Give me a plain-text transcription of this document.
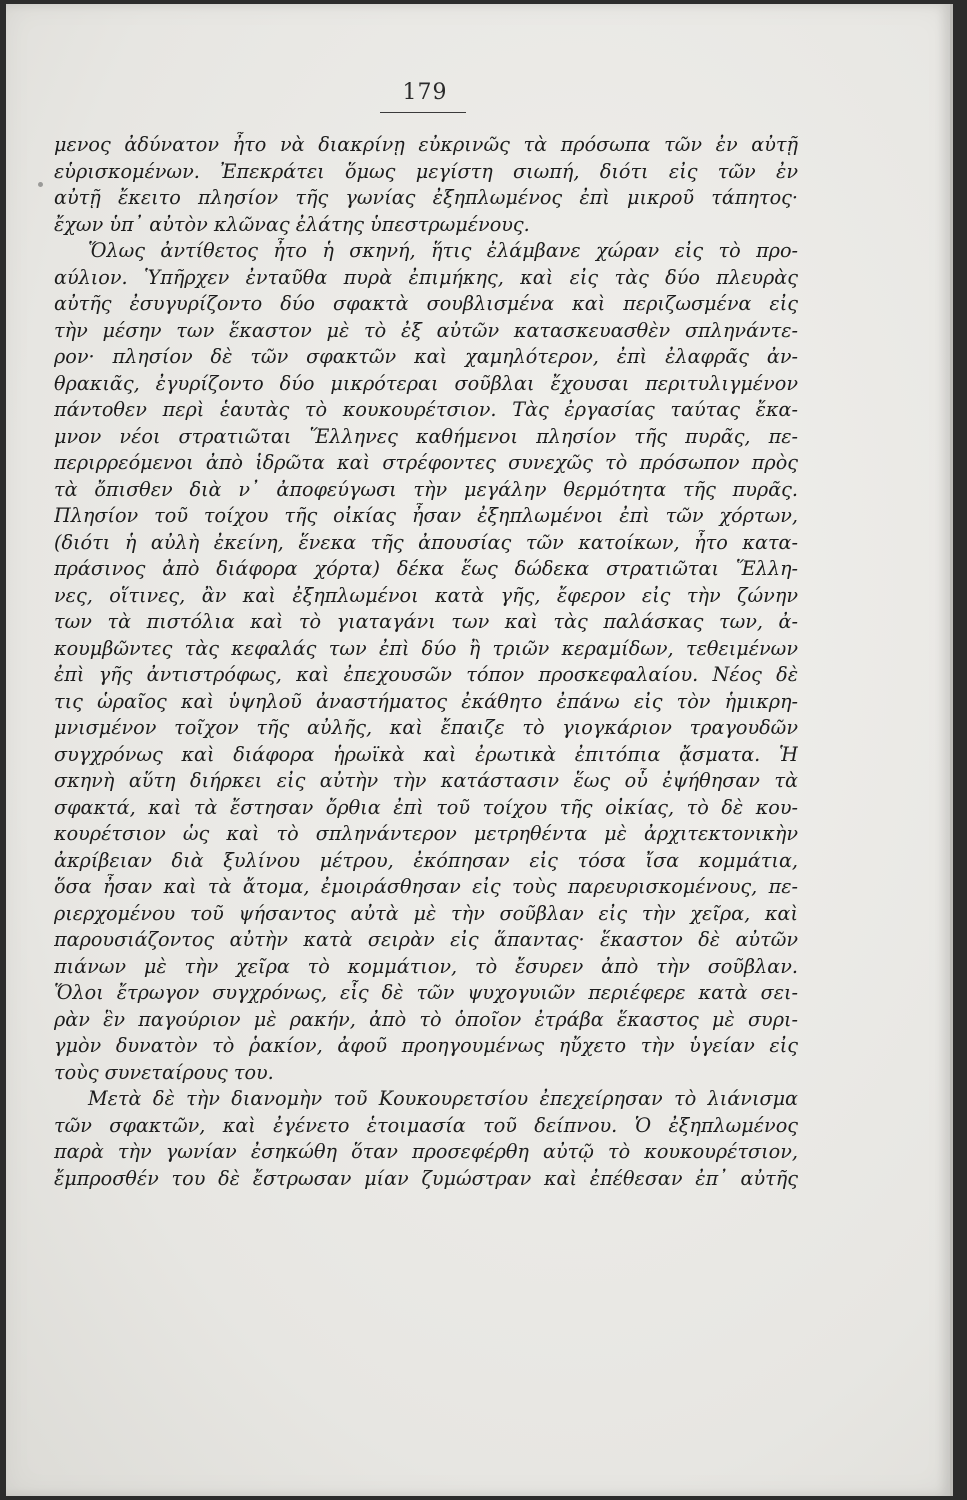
179
μενος ἀδύνατον ἦτο νὰ διακρίνῃ εὐκρινῶς τὰ πρόσωπα τῶν ἐν αὐτῇ
εὑρισκομένων. Ἐπεκράτει ὅμως μεγίστη σιωπή, διότι εἰς τῶν ἐν
αὐτῇ ἔκειτο πλησίον τῆς γωνίας ἐξηπλωμένος ἐπὶ μικροῦ τάπητος·
ἔχων ὑπ᾽ αὐτὸν κλῶνας ἐλάτης ὑπεστρωμένους.
Ὅλως ἀντίθετος ἦτο ἡ σκηνή, ἥτις ἐλάμβανε χώραν εἰς τὸ προ-
αύλιον. Ὑπῆρχεν ἐνταῦθα πυρὰ ἐπιμήκης, καὶ εἰς τὰς δύο πλευρὰς
αὐτῆς ἐσυγυρίζοντο δύο σφακτὰ σουβλισμένα καὶ περιζωσμένα εἰς
τὴν μέσην των ἕκαστον μὲ τὸ ἐξ αὐτῶν κατασκευασθὲν σπληνάντε-
ρον· πλησίον δὲ τῶν σφακτῶν καὶ χαμηλότερον, ἐπὶ ἐλαφρᾶς ἀν-
θρακιᾶς, ἐγυρίζοντο δύο μικρότεραι σοῦβλαι ἔχουσαι περιτυλιγμένον
πάντοθεν περὶ ἑαυτὰς τὸ κουκουρέτσιον. Τὰς ἐργασίας ταύτας ἔκα-
μνον νέοι στρατιῶται Ἕλληνες καθήμενοι πλησίον τῆς πυρᾶς, πε-
περιρρεόμενοι ἀπὸ ἱδρῶτα καὶ στρέφοντες συνεχῶς τὸ πρόσωπον πρὸς
τὰ ὄπισθεν διὰ ν᾽ ἀποφεύγωσι τὴν μεγάλην θερμότητα τῆς πυρᾶς.
Πλησίον τοῦ τοίχου τῆς οἰκίας ἦσαν ἐξηπλωμένοι ἐπὶ τῶν χόρτων,
(διότι ἡ αὐλὴ ἐκείνη, ἕνεκα τῆς ἀπουσίας τῶν κατοίκων, ἦτο κατα-
πράσινος ἀπὸ διάφορα χόρτα) δέκα ἕως δώδεκα στρατιῶται Ἕλλη-
νες, οἵτινες, ἂν καὶ ἐξηπλωμένοι κατὰ γῆς, ἔφερον εἰς τὴν ζώνην
των τὰ πιστόλια καὶ τὸ γιαταγάνι των καὶ τὰς παλάσκας των, ἀ-
κουμβῶντες τὰς κεφαλάς των ἐπὶ δύο ἢ τριῶν κεραμίδων, τεθειμένων
ἐπὶ γῆς ἀντιστρόφως, καὶ ἐπεχουσῶν τόπον προσκεφαλαίου. Νέος δὲ
τις ὡραῖος καὶ ὑψηλοῦ ἀναστήματος ἐκάθητο ἐπάνω εἰς τὸν ἡμικρη-
μνισμένον τοῖχον τῆς αὐλῆς, καὶ ἔπαιζε τὸ γιογκάριον τραγουδῶν
συγχρόνως καὶ διάφορα ἡρωϊκὰ καὶ ἐρωτικὰ ἐπιτόπια ᾄσματα. Ἡ
σκηνὴ αὕτη διήρκει εἰς αὐτὴν τὴν κατάστασιν ἕως οὗ ἐψήθησαν τὰ
σφακτά, καὶ τὰ ἔστησαν ὄρθια ἐπὶ τοῦ τοίχου τῆς οἰκίας, τὸ δὲ κου-
κουρέτσιον ὡς καὶ τὸ σπληνάντερον μετρηθέντα μὲ ἀρχιτεκτονικὴν
ἀκρίβειαν διὰ ξυλίνου μέτρου, ἐκόπησαν εἰς τόσα ἴσα κομμάτια,
ὅσα ἦσαν καὶ τὰ ἄτομα, ἐμοιράσθησαν εἰς τοὺς παρευρισκομένους, πε-
ριερχομένου τοῦ ψήσαντος αὐτὰ μὲ τὴν σοῦβλαν εἰς τὴν χεῖρα, καὶ
παρουσιάζοντος αὐτὴν κατὰ σειρὰν εἰς ἅπαντας· ἕκαστον δὲ αὐτῶν
πιάνων μὲ τὴν χεῖρα τὸ κομμάτιον, τὸ ἔσυρεν ἀπὸ τὴν σοῦβλαν.
Ὅλοι ἔτρωγον συγχρόνως, εἷς δὲ τῶν ψυχογυιῶν περιέφερε κατὰ σει-
ρὰν ἓν παγούριον μὲ ρακήν, ἀπὸ τὸ ὁποῖον ἐτράβα ἕκαστος μὲ συρι-
γμὸν δυνατὸν τὸ ῥακίον, ἀφοῦ προηγουμένως ηὔχετο τὴν ὑγείαν εἰς
τοὺς συνεταίρους του.
Μετὰ δὲ τὴν διανομὴν τοῦ Κουκουρετσίου ἐπεχείρησαν τὸ λιάνισμα
τῶν σφακτῶν, καὶ ἐγένετο ἑτοιμασία τοῦ δείπνου. Ὁ ἐξηπλωμένος
παρὰ τὴν γωνίαν ἐσηκώθη ὅταν προσεφέρθη αὐτῷ τὸ κουκουρέτσιον,
ἔμπροσθέν του δὲ ἔστρωσαν μίαν ζυμώστραν καὶ ἐπέθεσαν ἐπ᾽ αὐτῆς
